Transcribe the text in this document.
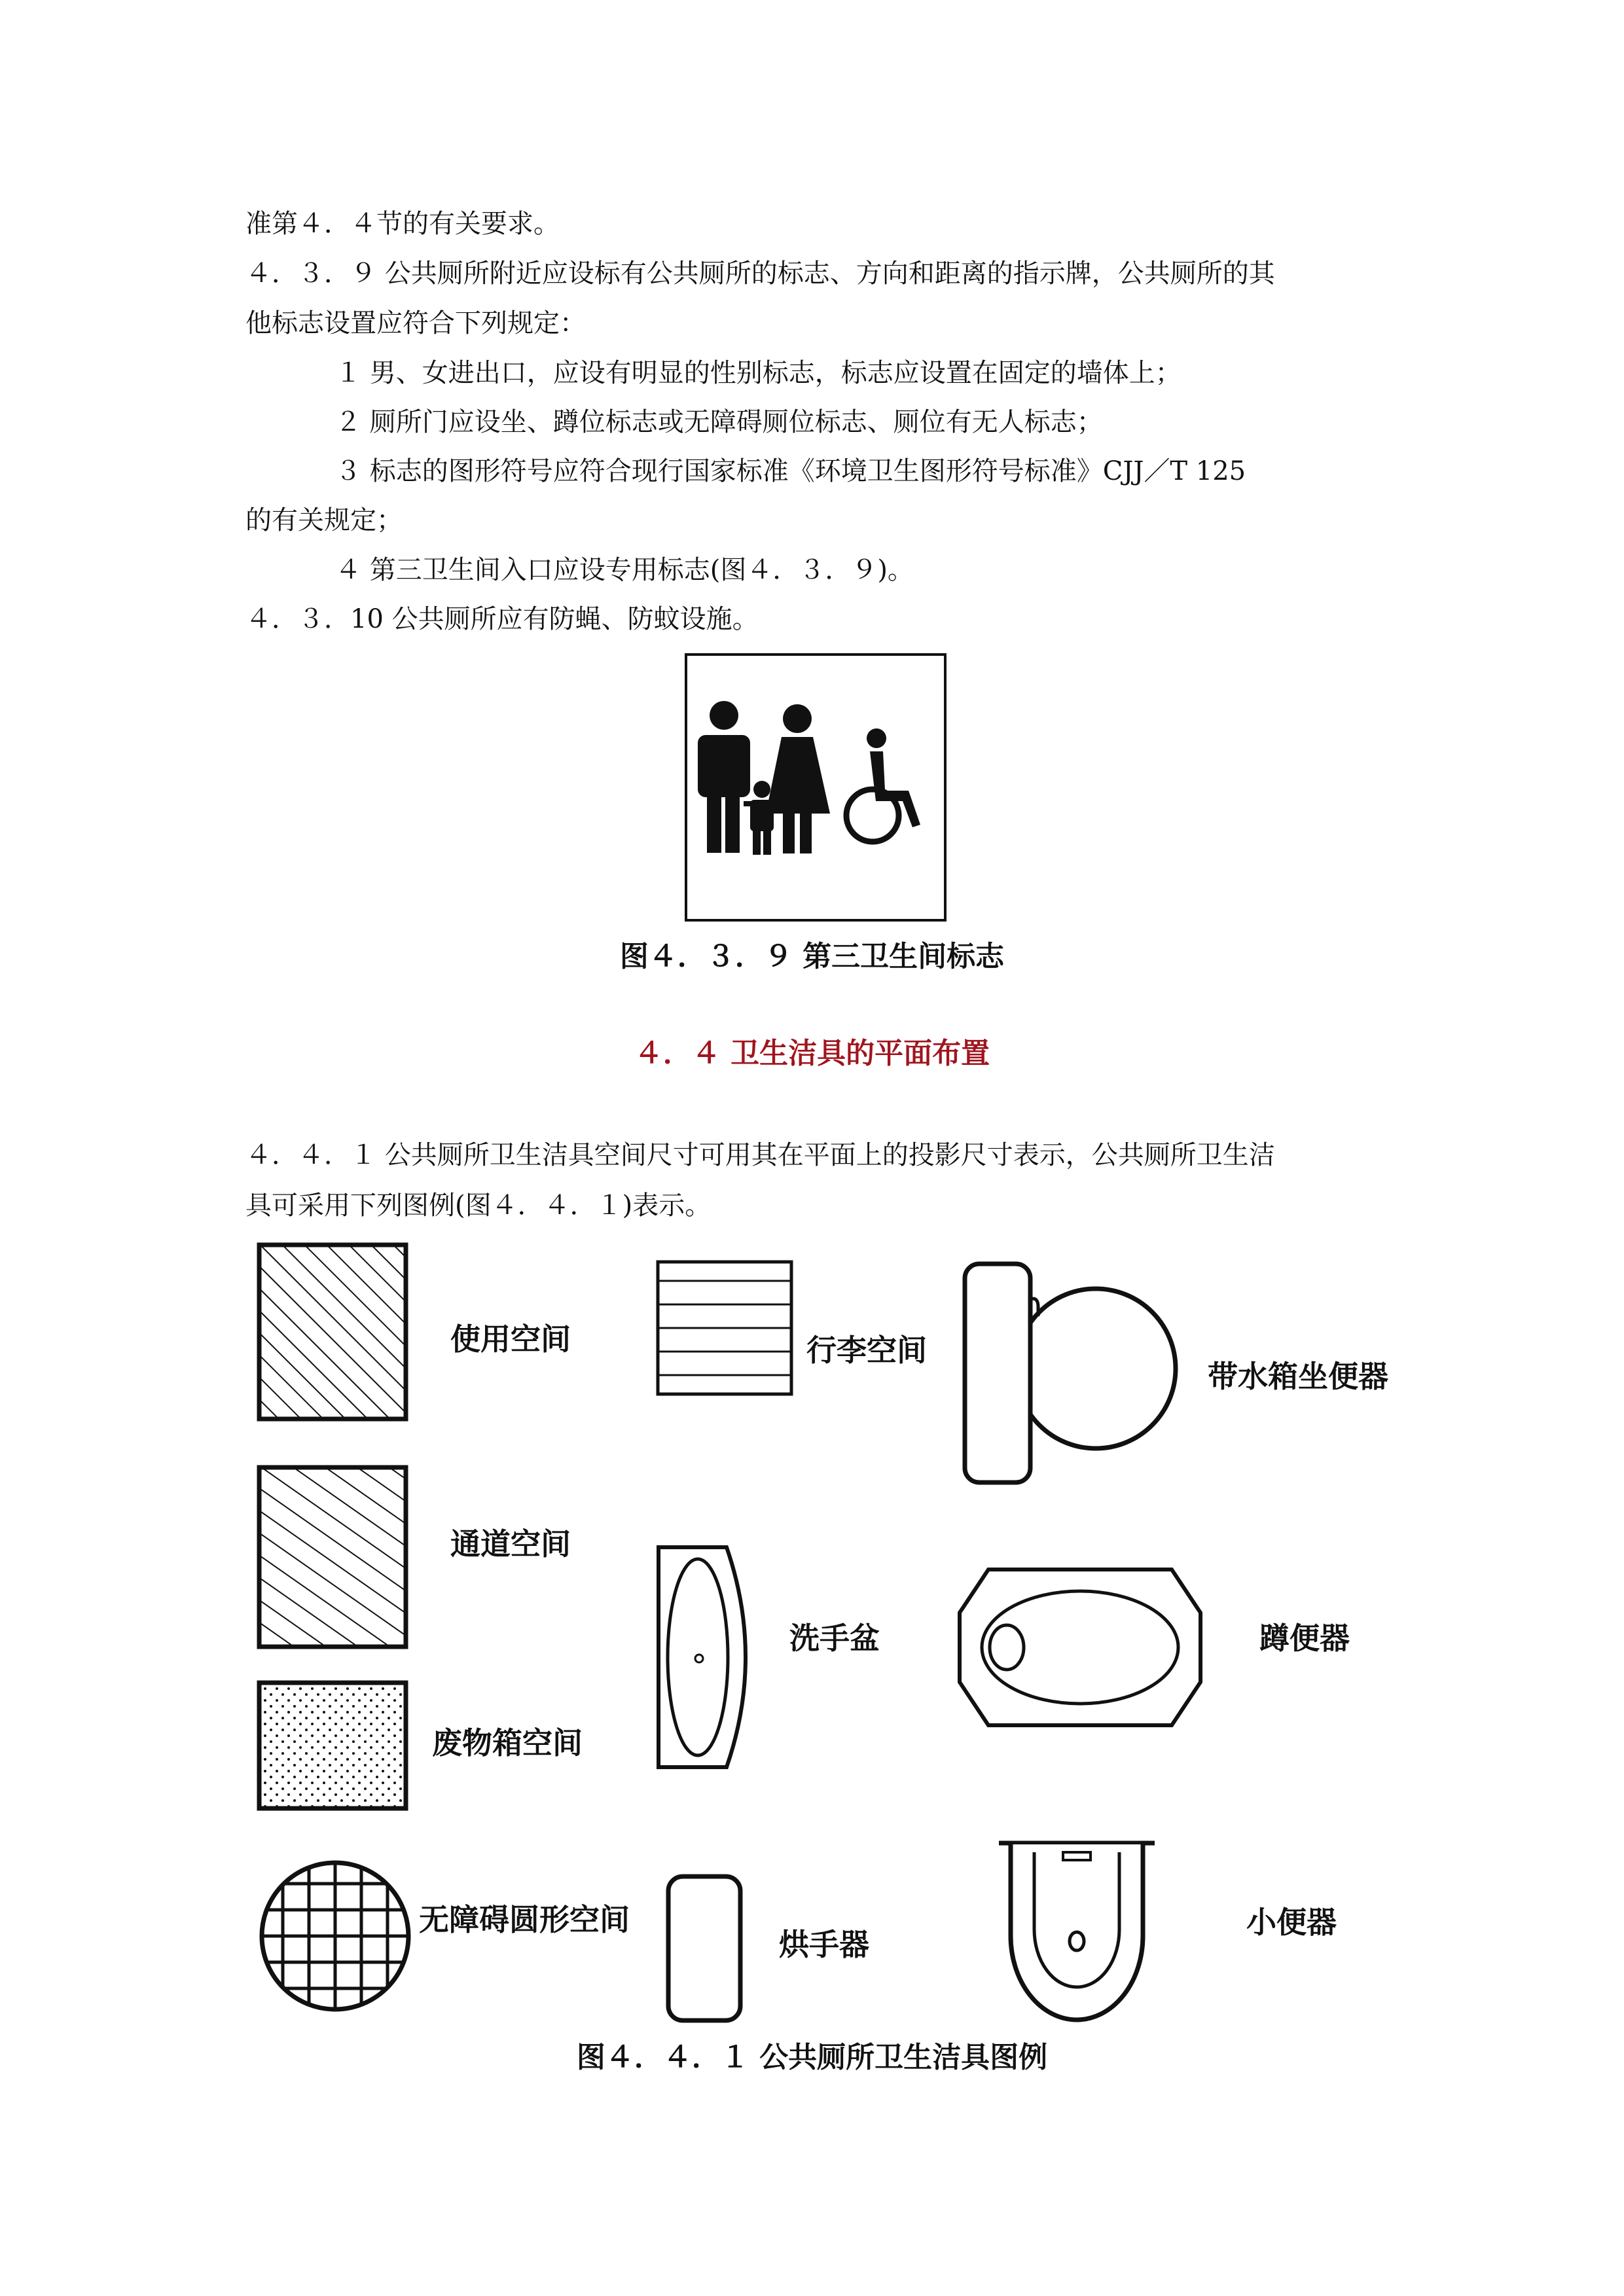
准第４．４节的有关要求。
４．３．９ 公共厕所附近应设标有公共厕所的标志、方向和距离的指示牌，公共厕所的其
他标志设置应符合下列规定：
１ 男、女进出口，应设有明显的性别标志，标志应设置在固定的墙体上；
２ 厕所门应设坐、蹲位标志或无障碍厕位标志、厕位有无人标志；
３ 标志的图形符号应符合现行国家标准《环境卫生图形符号标准》CJJ／T 125
的有关规定；
４ 第三卫生间入口应设专用标志(图４．３．９)。
４．３．10 公共厕所应有防蝇、防蚊设施。
图４．３．９ 第三卫生间标志
４．４ 卫生洁具的平面布置
４．４．１ 公共厕所卫生洁具空间尺寸可用其在平面上的投影尺寸表示，公共厕所卫生洁
具可采用下列图例(图４．４．１)表示。
使用空间	行李空间
带水箱坐便器
通道空间
洗手盆	蹲便器
废物箱空间
无障碍圆形空间
烘手器
小便器
图４．４．１ 公共厕所卫生洁具图例
